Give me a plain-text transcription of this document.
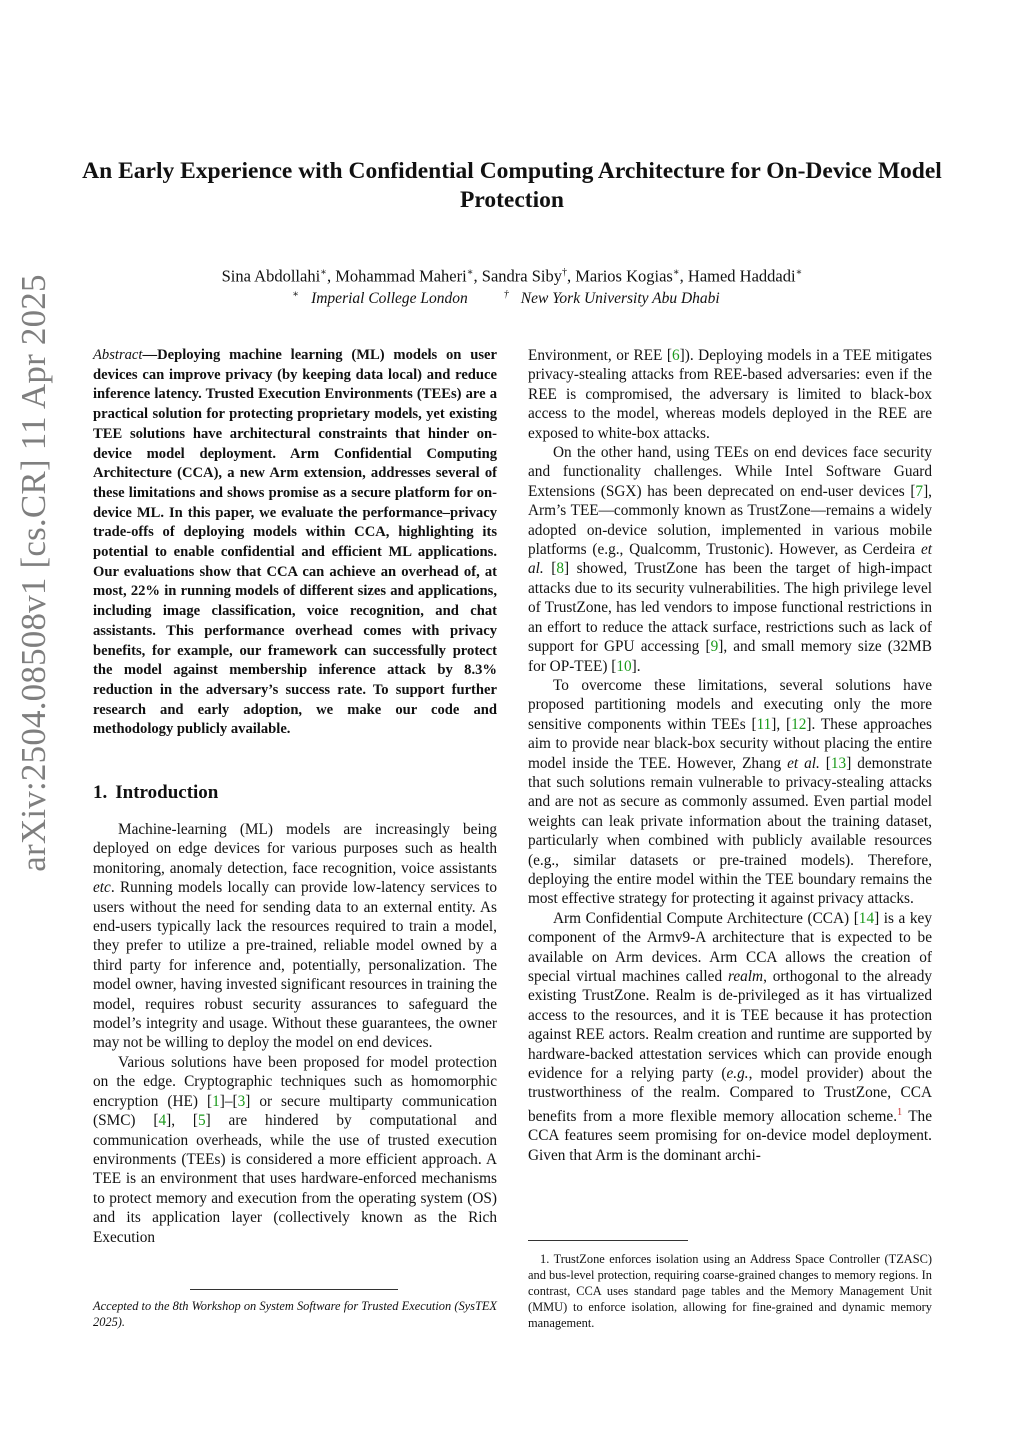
arXiv:2504.08508v1 [cs.CR] 11 Apr 2025
An Early Experience with Confidential Computing Architecture for On-Device Model Protection
Sina Abdollahi∗, Mohammad Maheri∗, Sandra Siby†, Marios Kogias∗, Hamed Haddadi∗
∗ Imperial College London	† New York University Abu Dhabi
Abstract—Deploying machine learning (ML) models on user devices can improve privacy (by keeping data local) and reduce inference latency. Trusted Execution Environments (TEEs) are a practical solution for protecting proprietary models, yet existing TEE solutions have architectural constraints that hinder on-device model deployment. Arm Confidential Computing Architecture (CCA), a new Arm extension, addresses several of these limitations and shows promise as a secure platform for on-device ML. In this paper, we evaluate the performance–privacy trade-offs of deploying models within CCA, highlighting its potential to enable confidential and efficient ML applications. Our evaluations show that CCA can achieve an overhead of, at most, 22% in running models of different sizes and applications, including image classification, voice recognition, and chat assistants. This performance overhead comes with privacy benefits, for example, our framework can successfully protect the model against membership inference attack by 8.3% reduction in the adversary’s success rate. To support further research and early adoption, we make our code and methodology publicly available.
1. Introduction

Machine-learning (ML) models are increasingly being deployed on edge devices for various purposes such as health monitoring, anomaly detection, face recognition, voice assistants etc. Running models locally can provide low-latency services to users without the need for sending data to an external entity. As end-users typically lack the resources required to train a model, they prefer to utilize a pre-trained, reliable model owned by a third party for inference and, potentially, personalization. The model owner, having invested significant resources in training the model, requires robust security assurances to safeguard the model’s integrity and usage. Without these guarantees, the owner may not be willing to deploy the model on end devices.

Various solutions have been proposed for model protection on the edge. Cryptographic techniques such as homomorphic encryption (HE) [1]–[3] or secure multiparty communication (SMC) [4], [5] are hindered by computational and communication overheads, while the use of trusted execution environments (TEEs) is considered a more efficient approach. A TEE is an environment that uses hardware-enforced mechanisms to protect memory and execution from the operating system (OS) and its application layer (collectively known as the Rich Execution

Environment, or REE [6]). Deploying models in a TEE mitigates privacy-stealing attacks from REE-based adversaries: even if the REE is compromised, the adversary is limited to black-box access to the model, whereas models deployed in the REE are exposed to white-box attacks.

On the other hand, using TEEs on end devices face security and functionality challenges. While Intel Software Guard Extensions (SGX) has been deprecated on end-user devices [7], Arm’s TEE—commonly known as TrustZone—remains a widely adopted on-device solution, implemented in various mobile platforms (e.g., Qualcomm, Trustonic). However, as Cerdeira et al. [8] showed, TrustZone has been the target of high-impact attacks due to its security vulnerabilities. The high privilege level of TrustZone, has led vendors to impose functional restrictions in an effort to reduce the attack surface, restrictions such as lack of support for GPU accessing [9], and small memory size (32MB for OP-TEE) [10].

To overcome these limitations, several solutions have proposed partitioning models and executing only the more sensitive components within TEEs [11], [12]. These approaches aim to provide near black-box security without placing the entire model inside the TEE. However, Zhang et al. [13] demonstrate that such solutions remain vulnerable to privacy-stealing attacks and are not as secure as commonly assumed. Even partial model weights can leak private information about the training dataset, particularly when combined with publicly available resources (e.g., similar datasets or pre-trained models). Therefore, deploying the entire model within the TEE boundary remains the most effective strategy for protecting it against privacy attacks.

Arm Confidential Compute Architecture (CCA) [14] is a key component of the Armv9-A architecture that is expected to be available on Arm devices. Arm CCA allows the creation of special virtual machines called realm, orthogonal to the already existing TrustZone. Realm is de-privileged as it has virtualized access to the resources, and it is TEE because it has protection against REE actors. Realm creation and runtime are supported by hardware-backed attestation services which can provide enough evidence for a relying party (e.g., model provider) about the trustworthiness of the realm. Compared to TrustZone, CCA benefits from a more flexible memory allocation scheme.$^1$ The CCA features seem promising for on-device model deployment. Given that Arm is the dominant archi-

Accepted to the 8th Workshop on System Software for Trusted Execution (SysTEX 2025).
1. TrustZone enforces isolation using an Address Space Controller (TZASC) and bus-level protection, requiring coarse-grained changes to memory regions. In contrast, CCA uses standard page tables and the Memory Management Unit (MMU) to enforce isolation, allowing for fine-grained and dynamic memory management.
